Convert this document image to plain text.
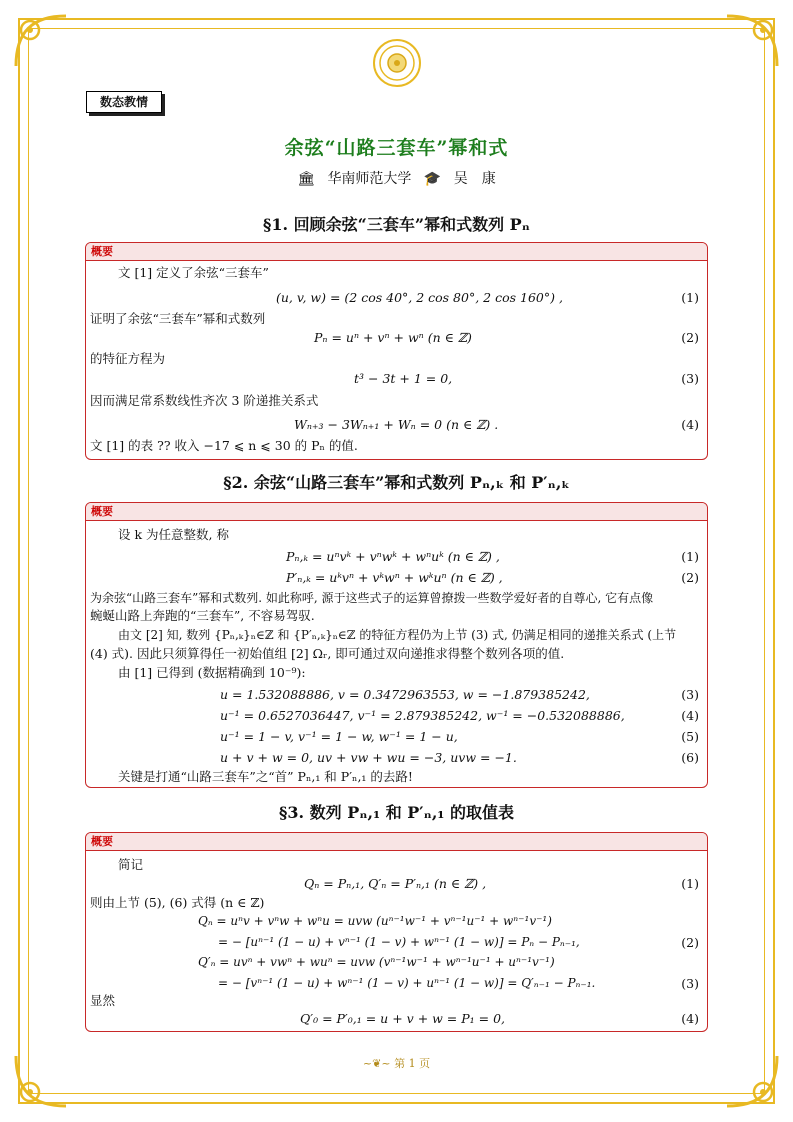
数态教情
余弦“山路三套车”幂和式
🏛 华南师范大学 🎓 吴　康
§1. 回顾余弦“三套车”幂和式数列 Pₙ
概要
文 [1] 定义了余弦“三套车”
(u, v, w) = (2 cos 40°, 2 cos 80°, 2 cos 160°) ,	(1)
证明了余弦“三套车”幂和式数列
Pₙ = uⁿ + vⁿ + wⁿ (n ∈ ℤ)	(2)
的特征方程为
t³ − 3t + 1 = 0,	(3)
因而满足常系数线性齐次 3 阶递推关系式
Wₙ₊₃ − 3Wₙ₊₁ + Wₙ = 0 (n ∈ ℤ) .	(4)
文 [1] 的表 ?? 收入 −17 ⩽ n ⩽ 30 的 Pₙ 的值.
§2. 余弦“山路三套车”幂和式数列 Pₙ,ₖ 和 P′ₙ,ₖ
概要
设 k 为任意整数, 称
Pₙ,ₖ = uⁿvᵏ + vⁿwᵏ + wⁿuᵏ (n ∈ ℤ) ,	(1)
P′ₙ,ₖ = uᵏvⁿ + vᵏwⁿ + wᵏuⁿ (n ∈ ℤ) ,	(2)
为余弦“山路三套车”幂和式数列. 如此称呼, 源于这些式子的运算曾撩拨一些数学爱好者的自尊心, 它有点像
蜿蜒山路上奔跑的“三套车”, 不容易驾驭.
由文 [2] 知, 数列 {Pₙ,ₖ}ₙ∈ℤ 和 {P′ₙ,ₖ}ₙ∈ℤ 的特征方程仍为上节 (3) 式, 仍满足相同的递推关系式 (上节
(4) 式). 因此只须算得任一初始值组 [2] Ωᵣ, 即可通过双向递推求得整个数列各项的值.
由 [1] 已得到 (数据精确到 10⁻⁹):
u = 1.532088886, v = 0.3472963553, w = −1.879385242,	(3)
u⁻¹ = 0.6527036447, v⁻¹ = 2.879385242, w⁻¹ = −0.532088886,	(4)
u⁻¹ = 1 − v, v⁻¹ = 1 − w, w⁻¹ = 1 − u,	(5)
u + v + w = 0, uv + vw + wu = −3, uvw = −1.	(6)
关键是打通“山路三套车”之“首” Pₙ,₁ 和 P′ₙ,₁ 的去路!
§3. 数列 Pₙ,₁ 和 P′ₙ,₁ 的取值表
概要
简记
Qₙ = Pₙ,₁, Q′ₙ = P′ₙ,₁ (n ∈ ℤ) ,	(1)
则由上节 (5), (6) 式得 (n ∈ ℤ)
Qₙ = uⁿv + vⁿw + wⁿu = uvw (uⁿ⁻¹w⁻¹ + vⁿ⁻¹u⁻¹ + wⁿ⁻¹v⁻¹)
= − [uⁿ⁻¹ (1 − u) + vⁿ⁻¹ (1 − v) + wⁿ⁻¹ (1 − w)] = Pₙ − Pₙ₋₁,	(2)
Q′ₙ = uvⁿ + vwⁿ + wuⁿ = uvw (vⁿ⁻¹w⁻¹ + wⁿ⁻¹u⁻¹ + uⁿ⁻¹v⁻¹)
= − [vⁿ⁻¹ (1 − u) + wⁿ⁻¹ (1 − v) + uⁿ⁻¹ (1 − w)] = Q′ₙ₋₁ − Pₙ₋₁.	(3)
显然
Q′₀ = P′₀,₁ = u + v + w = P₁ = 0,	(4)
~❦~ 第 1 页
